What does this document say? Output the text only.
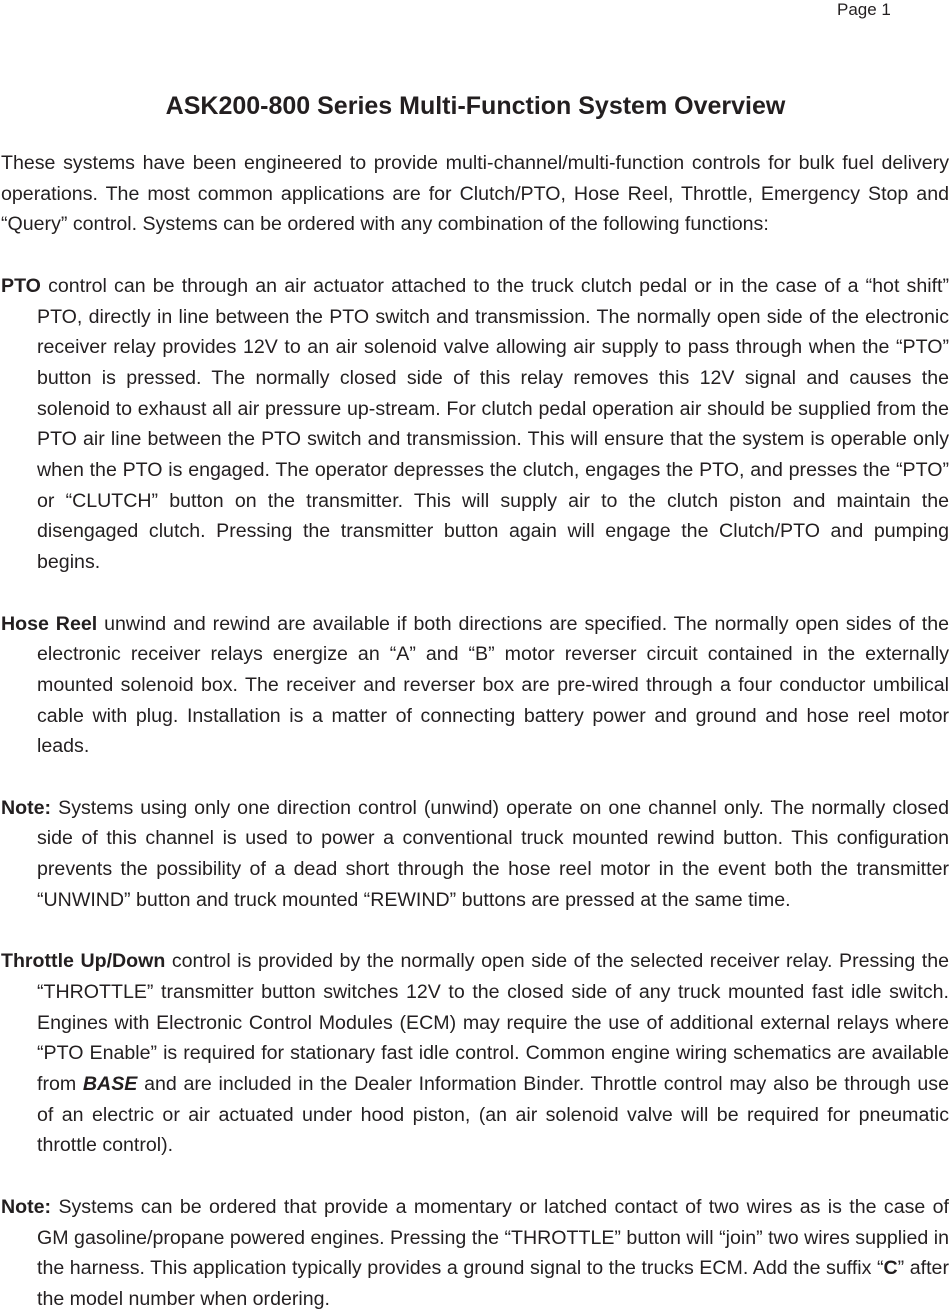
Page 1
ASK200-800 Series Multi-Function System Overview

These systems have been engineered to provide multi-channel/multi-function controls for bulk fuel delivery operations. The most common applications are for Clutch/PTO, Hose Reel, Throttle, Emergency Stop and “Query” control. Systems can be ordered with any combination of the following functions:

PTO control can be through an air actuator attached to the truck clutch pedal or in the case of a “hot shift” PTO, directly in line between the PTO switch and transmission. The normally open side of the electronic receiver relay provides 12V to an air solenoid valve allowing air supply to pass through when the “PTO” button is pressed. The normally closed side of this relay removes this 12V signal and causes the solenoid to exhaust all air pressure up-stream. For clutch pedal operation air should be supplied from the PTO air line between the PTO switch and transmission. This will ensure that the system is operable only when the PTO is engaged. The operator depresses the clutch, engages the PTO, and presses the “PTO” or “CLUTCH” button on the transmitter. This will supply air to the clutch piston and maintain the disengaged clutch. Pressing the transmitter button again will engage the Clutch/PTO and pumping begins.

Hose Reel unwind and rewind are available if both directions are specified. The normally open sides of the electronic receiver relays energize an “A” and “B” motor reverser circuit contained in the externally mounted solenoid box. The receiver and reverser box are pre-wired through a four conductor umbilical cable with plug. Installation is a matter of connecting battery power and ground and hose reel motor leads.

Note: Systems using only one direction control (unwind) operate on one channel only. The normally closed side of this channel is used to power a conventional truck mounted rewind button. This configuration prevents the possibility of a dead short through the hose reel motor in the event both the transmitter “UNWIND” button and truck mounted “REWIND” buttons are pressed at the same time.

Throttle Up/Down control is provided by the normally open side of the selected receiver relay. Pressing the “THROTTLE” transmitter button switches 12V to the closed side of any truck mounted fast idle switch. Engines with Electronic Control Modules (ECM) may require the use of additional external relays where “PTO Enable” is required for stationary fast idle control. Common engine wiring schematics are available from BASE and are included in the Dealer Information Binder. Throttle control may also be through use of an electric or air actuated under hood piston, (an air solenoid valve will be required for pneumatic throttle control).

Note: Systems can be ordered that provide a momentary or latched contact of two wires as is the case of GM gasoline/propane powered engines. Pressing the “THROTTLE” button will “join” two wires supplied in the harness. This application typically provides a ground signal to the trucks ECM. Add the suffix “C” after the model number when ordering.
